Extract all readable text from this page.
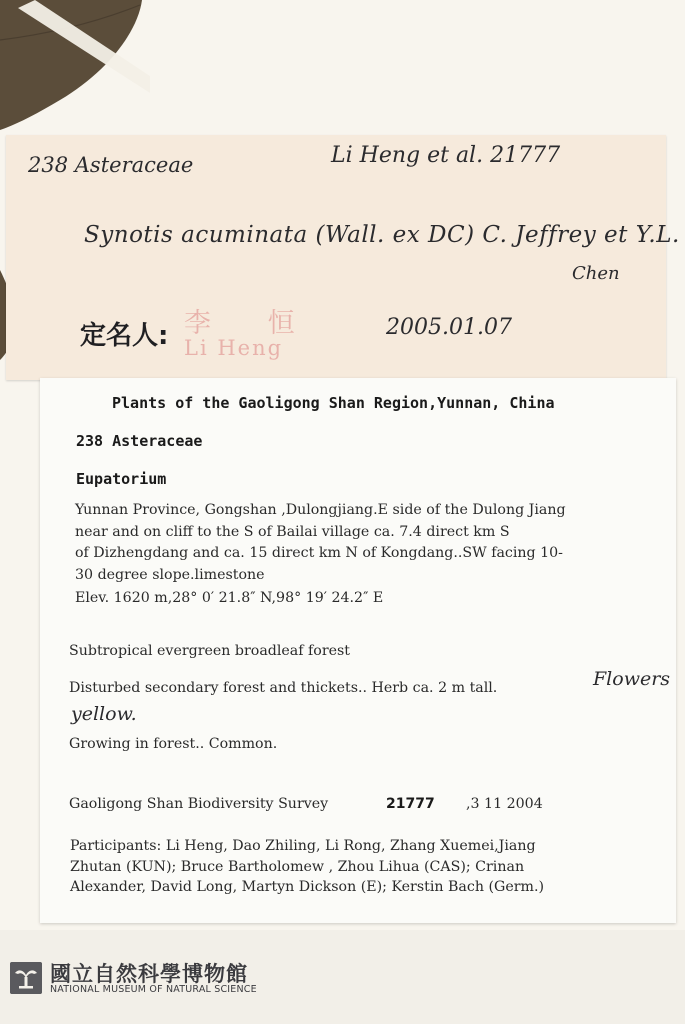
238 Asteraceae	Li Heng et al. 21777
Synotis acuminata (Wall. ex DC) C. Jeffrey et Y.L.
Chen
定名人: 李 恒
Li Heng
2005.01.07
Plants of the Gaoligong Shan Region,Yunnan, China
238 Asteraceae
Eupatorium
Yunnan Province, Gongshan ,Dulongjiang.E side of the Dulong Jiang
near and on cliff to the S of Bailai village ca. 7.4 direct km S
of Dizhengdang and ca. 15 direct km N of Kongdang..SW facing 10-
30 degree slope.limestone
Elev. 1620 m,28° 0′ 21.8″ N,98° 19′ 24.2″ E
Subtropical evergreen broadleaf forest
Disturbed secondary forest and thickets.. Herb ca. 2 m tall.	Flowers
yellow.
Growing in forest.. Common.
Gaoligong Shan Biodiversity Survey	21777 ,3 11 2004
Participants: Li Heng, Dao Zhiling, Li Rong, Zhang Xuemei,Jiang
Zhutan (KUN); Bruce Bartholomew , Zhou Lihua (CAS); Crinan
Alexander, David Long, Martyn Dickson (E); Kerstin Bach (Germ.)
國立自然科學博物館
NATIONAL MUSEUM OF NATURAL SCIENCE
